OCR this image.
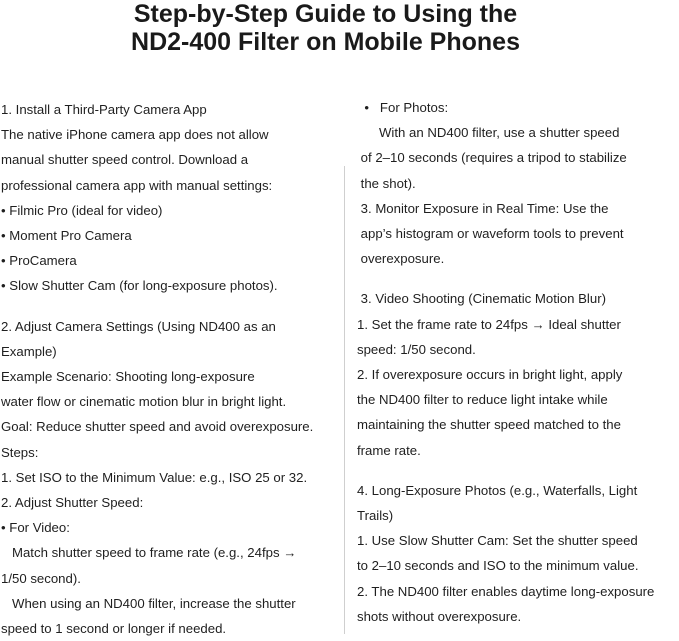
Step-by-Step Guide to Using the
ND2-400 Filter on Mobile Phones

1. Install a Third-Party Camera App

The native iPhone camera app does not allow

manual shutter speed control. Download a

professional camera app with manual settings:

• Filmic Pro (ideal for video)

• Moment Pro Camera

• ProCamera

• Slow Shutter Cam (for long-exposure photos).

2. Adjust Camera Settings (Using ND400 as an

Example)

Example Scenario: Shooting long-exposure

water flow or cinematic motion blur in bright light.

Goal: Reduce shutter speed and avoid overexposure.

Steps:

1. Set ISO to the Minimum Value: e.g., ISO 25 or 32.

2. Adjust Shutter Speed:

• For Video:

Match shutter speed to frame rate (e.g., 24fps →

1/50 second).

When using an ND400 filter, increase the shutter

speed to 1 second or longer if needed.

•   For Photos:

With an ND400 filter, use a shutter speed

of 2–10 seconds (requires a tripod to stabilize

the shot).

3. Monitor Exposure in Real Time: Use the

app’s histogram or waveform tools to prevent

overexposure.

3. Video Shooting (Cinematic Motion Blur)

1. Set the frame rate to 24fps → Ideal shutter

speed: 1/50 second.

2. If overexposure occurs in bright light, apply

the ND400 filter to reduce light intake while

maintaining the shutter speed matched to the

frame rate.

4. Long-Exposure Photos (e.g., Waterfalls, Light

Trails)

1. Use Slow Shutter Cam: Set the shutter speed

to 2–10 seconds and ISO to the minimum value.

2. The ND400 filter enables daytime long-exposure

shots without overexposure.
